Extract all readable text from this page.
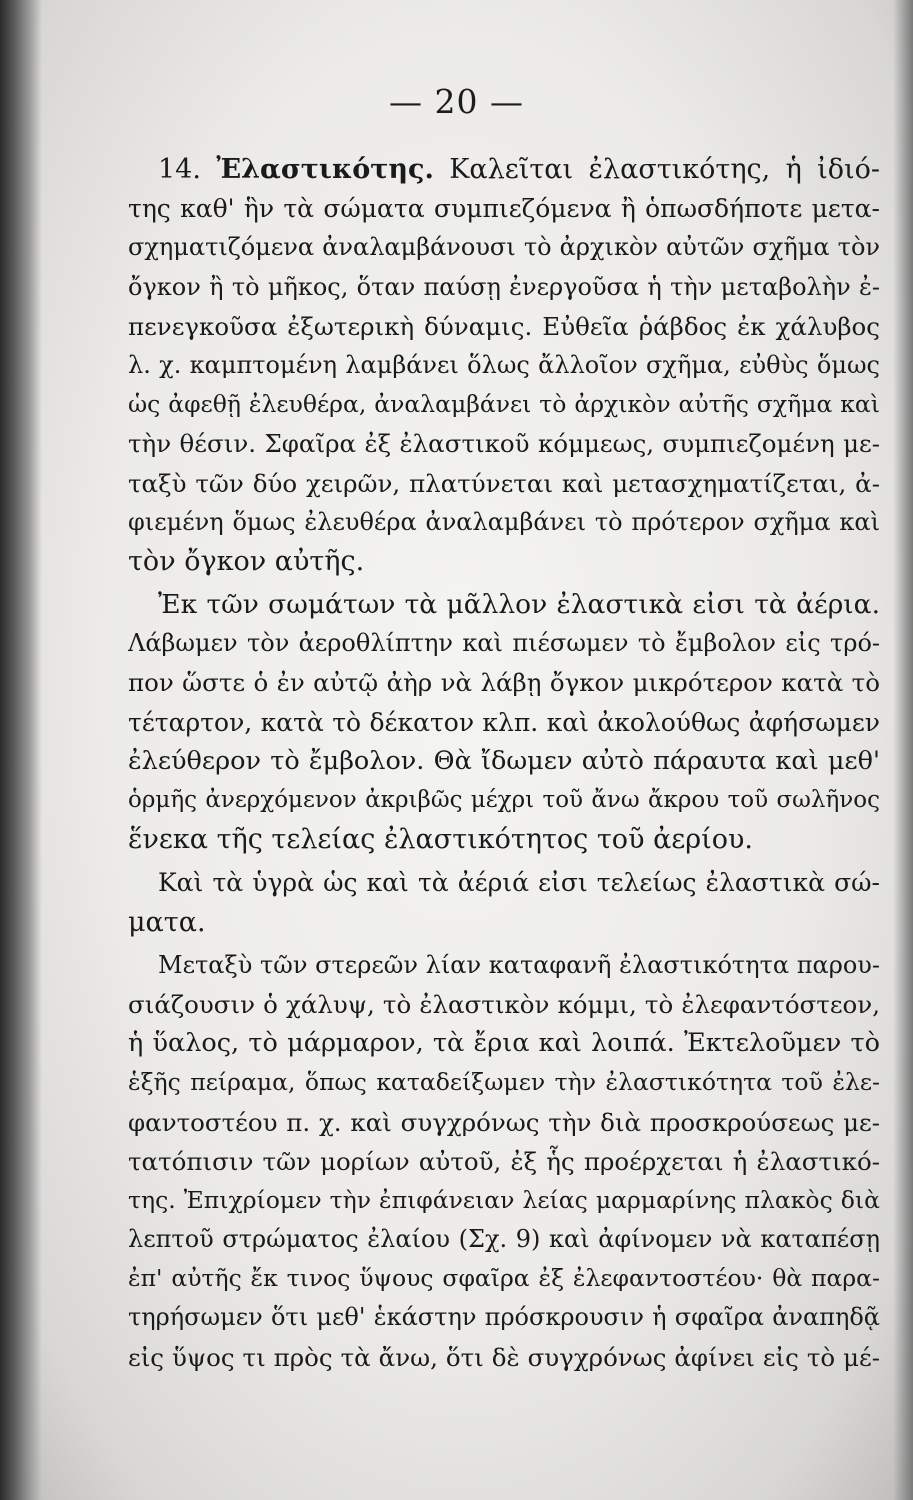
— 20 —
14. Ἐλαστικότης. Καλεῖται ἐλαστικότης, ἡ ἰδιό-
της καθ' ἣν τὰ σώματα συμπιεζόμενα ἢ ὁπωσδήποτε μετα-
σχηματιζόμενα ἀναλαμβάνουσι τὸ ἀρχικὸν αὐτῶν σχῆμα τὸν
ὄγκον ἢ τὸ μῆκος, ὅταν παύσῃ ἐνεργοῦσα ἡ τὴν μεταβολὴν ἐ-
πενεγκοῦσα ἐξωτερικὴ δύναμις. Εὐθεῖα ῥάβδος ἐκ χάλυβος
λ. χ. καμπτομένη λαμβάνει ὅλως ἄλλοῖον σχῆμα, εὐθὺς ὅμως
ὡς ἀφεθῇ ἐλευθέρα, ἀναλαμβάνει τὸ ἀρχικὸν αὐτῆς σχῆμα καὶ
τὴν θέσιν. Σφαῖρα ἐξ ἐλαστικοῦ κόμμεως, συμπιεζομένη με-
ταξὺ τῶν δύο χειρῶν, πλατύνεται καὶ μετασχηματίζεται, ἀ-
φιεμένη ὅμως ἐλευθέρα ἀναλαμβάνει τὸ πρότερον σχῆμα καὶ
τὸν ὄγκον αὐτῆς.
Ἐκ τῶν σωμάτων τὰ μᾶλλον ἐλαστικὰ εἰσι τὰ ἀέρια.
Λάβωμεν τὸν ἀεροθλίπτην καὶ πιέσωμεν τὸ ἔμβολον εἰς τρό-
πον ὥστε ὁ ἐν αὐτῷ ἀὴρ νὰ λάβῃ ὄγκον μικρότερον κατὰ τὸ
τέταρτον, κατὰ τὸ δέκατον κλπ. καὶ ἀκολούθως ἀφήσωμεν
ἐλεύθερον τὸ ἔμβολον. Θὰ ἴδωμεν αὐτὸ πάραυτα καὶ μεθ'
ὁρμῆς ἀνερχόμενον ἀκριβῶς μέχρι τοῦ ἄνω ἄκρου τοῦ σωλῆνος
ἕνεκα τῆς τελείας ἐλαστικότητος τοῦ ἀερίου.
Καὶ τὰ ὑγρὰ ὡς καὶ τὰ ἀέριά εἰσι τελείως ἐλαστικὰ σώ-
ματα.
Μεταξὺ τῶν στερεῶν λίαν καταφανῆ ἐλαστικότητα παρου-
σιάζουσιν ὁ χάλυψ, τὸ ἐλαστικὸν κόμμι, τὸ ἐλεφαντόστεον,
ἡ ὕαλος, τὸ μάρμαρον, τὰ ἔρια καὶ λοιπά. Ἐκτελοῦμεν τὸ
ἑξῆς πείραμα, ὅπως καταδείξωμεν τὴν ἐλαστικότητα τοῦ ἐλε-
φαντοστέου π. χ. καὶ συγχρόνως τὴν διὰ προσκρούσεως με-
τατόπισιν τῶν μορίων αὐτοῦ, ἐξ ἧς προέρχεται ἡ ἐλαστικό-
της. Ἐπιχρίομεν τὴν ἐπιφάνειαν λείας μαρμαρίνης πλακὸς διὰ
λεπτοῦ στρώματος ἐλαίου (Σχ. 9) καὶ ἀφίνομεν νὰ καταπέσῃ
ἐπ' αὐτῆς ἔκ τινος ὕψους σφαῖρα ἐξ ἐλεφαντοστέου· θὰ παρα-
τηρήσωμεν ὅτι μεθ' ἑκάστην πρόσκρουσιν ἡ σφαῖρα ἀναπηδᾷ
εἰς ὕψος τι πρὸς τὰ ἄνω, ὅτι δὲ συγχρόνως ἀφίνει εἰς τὸ μέ-
